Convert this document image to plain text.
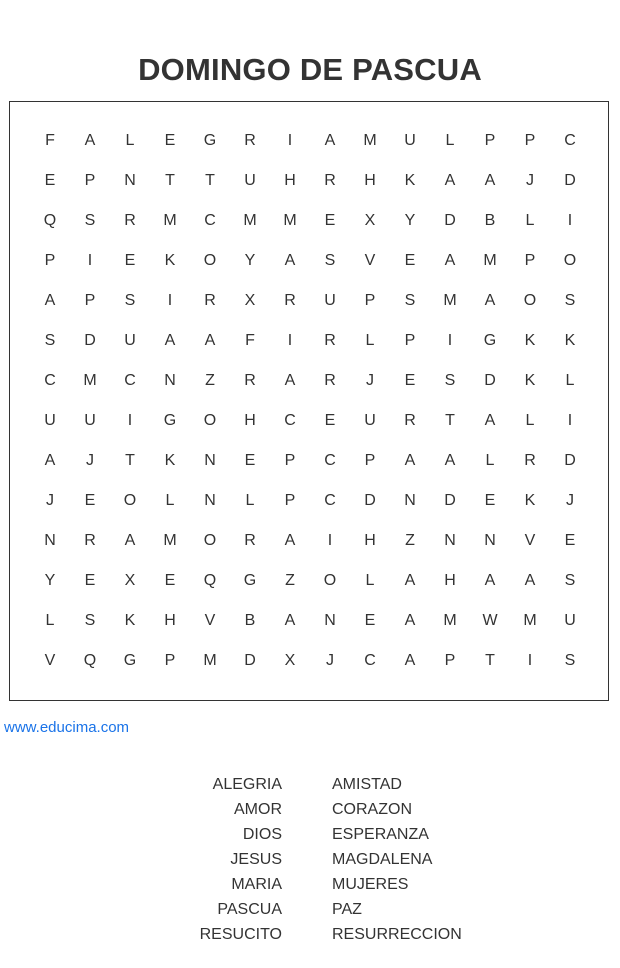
DOMINGO DE PASCUA
F	A	L	E	G	R	I	A	M	U	L	P	P	C
E	P	N	T	T	U	H	R	H	K	A	A	J	D
Q	S	R	M	C	M	M	E	X	Y	D	B	L	I
P	I	E	K	O	Y	A	S	V	E	A	M	P	O
A	P	S	I	R	X	R	U	P	S	M	A	O	S
S	D	U	A	A	F	I	R	L	P	I	G	K	K
C	M	C	N	Z	R	A	R	J	E	S	D	K	L
U	U	I	G	O	H	C	E	U	R	T	A	L	I
A	J	T	K	N	E	P	C	P	A	A	L	R	D
J	E	O	L	N	L	P	C	D	N	D	E	K	J
N	R	A	M	O	R	A	I	H	Z	N	N	V	E
Y	E	X	E	Q	G	Z	O	L	A	H	A	A	S
L	S	K	H	V	B	A	N	E	A	M	W	M	U
V	Q	G	P	M	D	X	J	C	A	P	T	I	S
www.educima.com
ALEGRIA
AMOR
DIOS
JESUS
MARIA
PASCUA
RESUCITO
AMISTAD
CORAZON
ESPERANZA
MAGDALENA
MUJERES
PAZ
RESURRECCION
